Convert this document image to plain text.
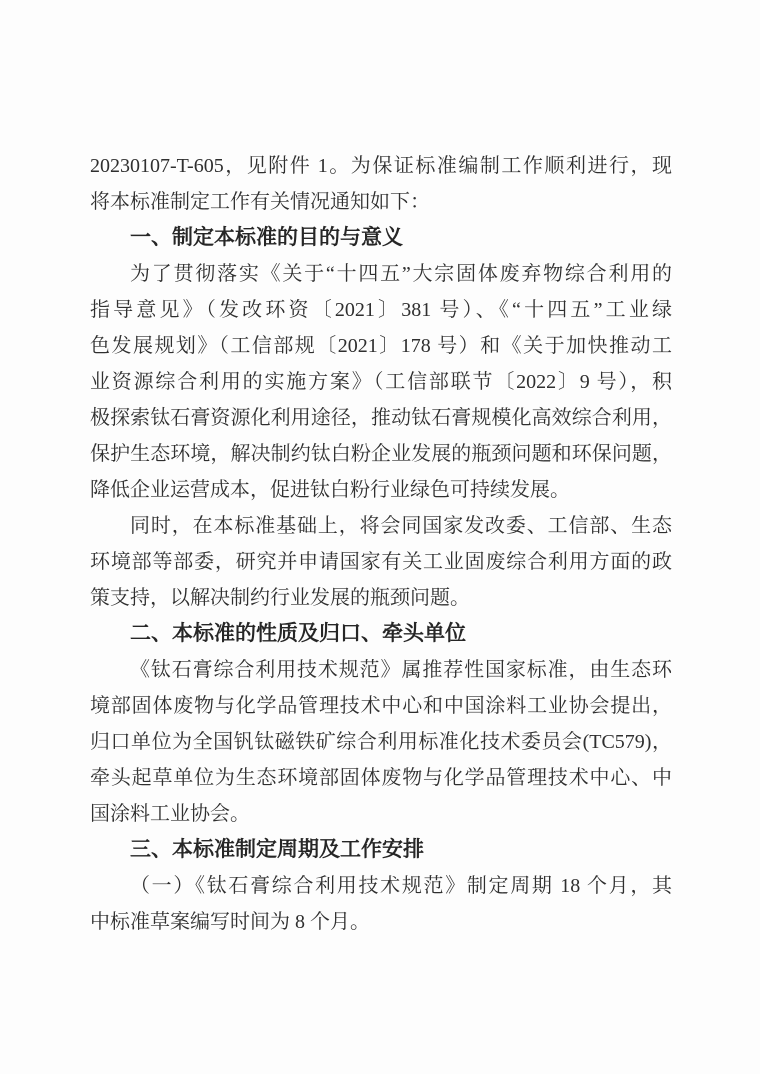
20230107-T-605，见附件 1。为保证标准编制工作顺利进行，现
将本标准制定工作有关情况通知如下：
一、制定本标准的目的与意义
为了贯彻落实《关于“十四五”大宗固体废弃物综合利用的
指导意见》（发改环资〔2021〕381 号）、《“十四五”工业绿
色发展规划》（工信部规〔2021〕178 号）和《关于加快推动工
业资源综合利用的实施方案》（工信部联节〔2022〕9 号），积
极探索钛石膏资源化利用途径，推动钛石膏规模化高效综合利用，
保护生态环境，解决制约钛白粉企业发展的瓶颈问题和环保问题，
降低企业运营成本，促进钛白粉行业绿色可持续发展。
同时，在本标准基础上，将会同国家发改委、工信部、生态
环境部等部委，研究并申请国家有关工业固废综合利用方面的政
策支持，以解决制约行业发展的瓶颈问题。
二、本标准的性质及归口、牵头单位
《钛石膏综合利用技术规范》属推荐性国家标准，由生态环
境部固体废物与化学品管理技术中心和中国涂料工业协会提出，
归口单位为全国钒钛磁铁矿综合利用标准化技术委员会(TC579)，
牵头起草单位为生态环境部固体废物与化学品管理技术中心、中
国涂料工业协会。
三、本标准制定周期及工作安排
（一）《钛石膏综合利用技术规范》制定周期 18 个月，其
中标准草案编写时间为 8 个月。
